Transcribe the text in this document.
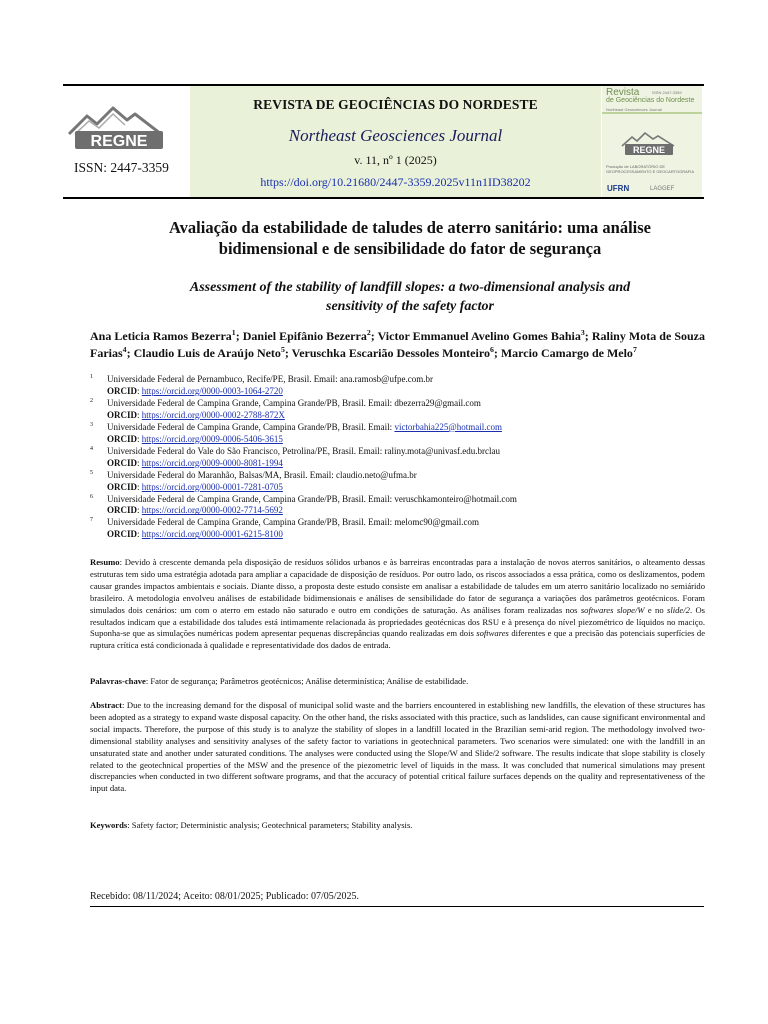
REGNE
ISSN: 2447-3359
REVISTA DE GEOCIÊNCIAS DO NORDESTE
Northeast Geosciences Journal
v. 11, nº 1 (2025)
https://doi.org/10.21680/2447-3359.2025v11n1ID38202
Revista	ISSN 2447-3359
de Geociências do Nordeste
Northeast Geosciences Journal
REGNE
Produção de LABORATÓRIO DE GEOPROCESSAMENTO E GEOCARTOGRAFIA
UFRN	LAGGEF
Avaliação da estabilidade de taludes de aterro sanitário: uma análise
bidimensional e de sensibilidade do fator de segurança
Assessment of the stability of landfill slopes: a two-dimensional analysis and
sensitivity of the safety factor
Ana Leticia Ramos Bezerra$^1$; Daniel Epifânio Bezerra$^2$; Victor Emmanuel Avelino Gomes Bahia$^3$; Raliny Mota de Souza Farias$^4$; Claudio Luis de Araújo Neto$^5$; Veruschka Escarião Dessoles Monteiro$^6$; Marcio Camargo de Melo$^7$
1 Universidade Federal de Pernambuco, Recife/PE, Brasil. Email: ana.ramosb@ufpe.com.br
ORCID: https://orcid.org/0000-0003-1064-2720
2 Universidade Federal de Campina Grande, Campina Grande/PB, Brasil. Email: dbezerra29@gmail.com
ORCID: https://orcid.org/0000-0002-2788-872X
3 Universidade Federal de Campina Grande, Campina Grande/PB, Brasil. Email: victorbahia225@hotmail.com
ORCID: https://orcid.org/0009-0006-5406-3615
4 Universidade Federal do Vale do São Francisco, Petrolina/PE, Brasil. Email: raliny.mota@univasf.edu.brclau
ORCID: https://orcid.org/0009-0000-8081-1994
5 Universidade Federal do Maranhão, Balsas/MA, Brasil. Email: claudio.neto@ufma.br
ORCID: https://orcid.org/0000-0001-7281-0705
6 Universidade Federal de Campina Grande, Campina Grande/PB, Brasil. Email: veruschkamonteiro@hotmail.com
ORCID: https://orcid.org/0000-0002-7714-5692
7 Universidade Federal de Campina Grande, Campina Grande/PB, Brasil. Email: melomc90@gmail.com
ORCID: https://orcid.org/0000-0001-6215-8100
Resumo: Devido à crescente demanda pela disposição de resíduos sólidos urbanos e às barreiras encontradas para a instalação de novos aterros sanitários, o alteamento dessas estruturas tem sido uma estratégia adotada para ampliar a capacidade de disposição de resíduos. Por outro lado, os riscos associados a essa prática, como os deslizamentos, podem causar grandes impactos ambientais e sociais. Diante disso, a proposta deste estudo consiste em analisar a estabilidade de taludes em um aterro sanitário localizado no semiárido brasileiro. A metodologia envolveu análises de estabilidade bidimensionais e análises de sensibilidade do fator de segurança a variações dos parâmetros geotécnicos. Foram simulados dois cenários: um com o aterro em estado não saturado e outro em condições de saturação. As análises foram realizadas nos softwares slope/W e no slide/2. Os resultados indicam que a estabilidade dos taludes está intimamente relacionada às propriedades geotécnicas dos RSU e à presença do nível piezométrico de líquidos no maciço. Suponha-se que as simulações numéricas podem apresentar pequenas discrepâncias quando realizadas em dois softwares diferentes e que a precisão das potenciais superfícies de ruptura crítica está condicionada à qualidade e representatividade dos dados de entrada.
Palavras-chave: Fator de segurança; Parâmetros geotécnicos; Análise determinística; Análise de estabilidade.
Abstract: Due to the increasing demand for the disposal of municipal solid waste and the barriers encountered in establishing new landfills, the elevation of these structures has been adopted as a strategy to expand waste disposal capacity. On the other hand, the risks associated with this practice, such as landslides, can cause significant environmental and social impacts. Therefore, the purpose of this study is to analyze the stability of slopes in a landfill located in the Brazilian semi-arid region. The methodology involved two-dimensional stability analyses and sensitivity analyses of the safety factor to variations in geotechnical parameters. Two scenarios were simulated: one with the landfill in an unsaturated state and another under saturated conditions. The analyses were conducted using the Slope/W and Slide/2 software. The results indicate that slope stability is closely related to the geotechnical properties of the MSW and the presence of the piezometric level of liquids in the mass. It was concluded that numerical simulations may present discrepancies when conducted in two different software programs, and that the accuracy of potential critical failure surfaces depends on the quality and representativeness of the input data.
Keywords: Safety factor; Deterministic analysis; Geotechnical parameters; Stability analysis.
Recebido: 08/11/2024; Aceito: 08/01/2025; Publicado: 07/05/2025.
